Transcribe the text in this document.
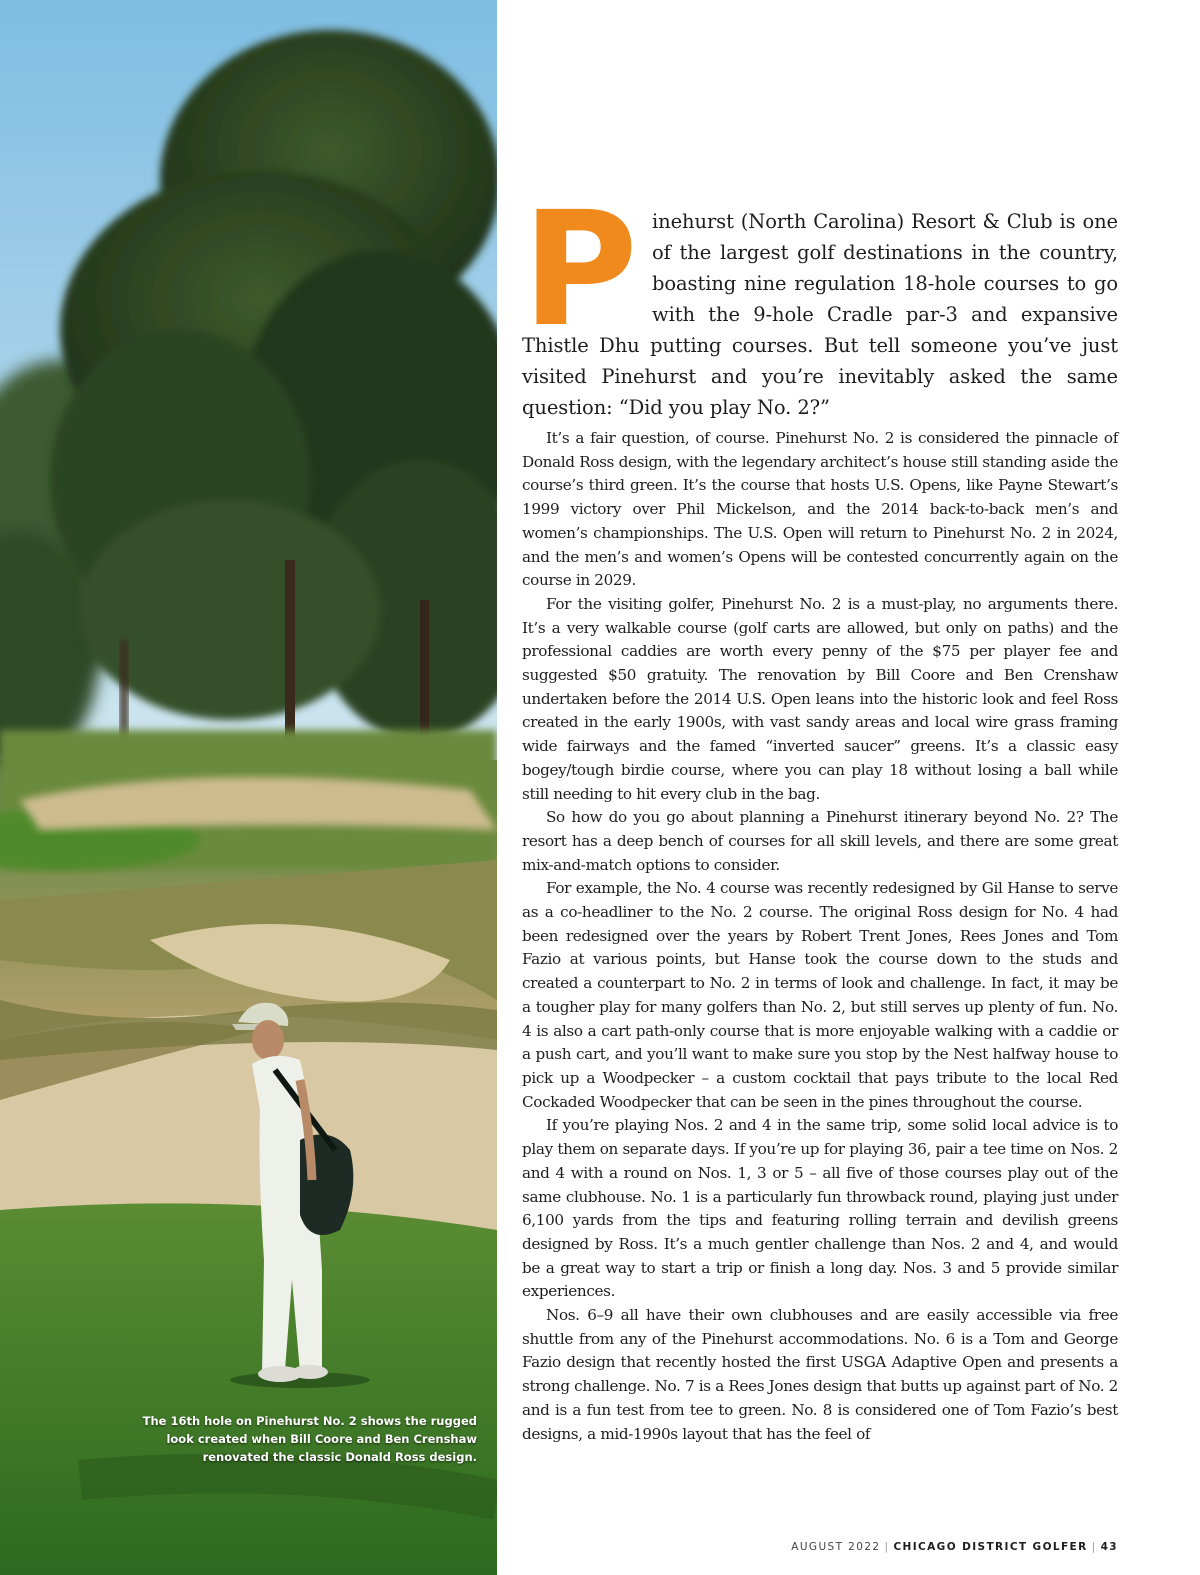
The 16th hole on Pinehurst No. 2 shows the rugged look created when Bill Coore and Ben Crenshaw renovated the classic Donald Ross design.
P inehurst (North Carolina) Resort & Club is one of the largest golf destinations in the country, boasting nine regulation 18-hole courses to go with the 9-hole Cradle par-3 and expansive Thistle Dhu putting courses. But tell someone you’ve just visited Pinehurst and you’re inevitably asked the same question: “Did you play No. 2?”

It’s a fair question, of course. Pinehurst No. 2 is considered the pinnacle of Donald Ross design, with the legendary architect’s house still standing aside the course’s third green. It’s the course that hosts U.S. Opens, like Payne Stewart’s 1999 victory over Phil Mickelson, and the 2014 back-to-back men’s and women’s championships. The U.S. Open will return to Pinehurst No. 2 in 2024, and the men’s and women’s Opens will be contested concurrently again on the course in 2029.

For the visiting golfer, Pinehurst No. 2 is a must-play, no arguments there. It’s a very walkable course (golf carts are allowed, but only on paths) and the professional caddies are worth every penny of the $75 per player fee and suggested $50 gratuity. The renovation by Bill Coore and Ben Crenshaw undertaken before the 2014 U.S. Open leans into the historic look and feel Ross created in the early 1900s, with vast sandy areas and local wire grass framing wide fairways and the famed “inverted saucer” greens. It’s a classic easy bogey/tough birdie course, where you can play 18 without losing a ball while still needing to hit every club in the bag.

So how do you go about planning a Pinehurst itinerary beyond No. 2? The resort has a deep bench of courses for all skill levels, and there are some great mix-and-match options to consider.

For example, the No. 4 course was recently redesigned by Gil Hanse to serve as a co-headliner to the No. 2 course. The original Ross design for No. 4 had been redesigned over the years by Robert Trent Jones, Rees Jones and Tom Fazio at various points, but Hanse took the course down to the studs and created a counterpart to No. 2 in terms of look and challenge. In fact, it may be a tougher play for many golfers than No. 2, but still serves up plenty of fun. No. 4 is also a cart path-only course that is more enjoyable walking with a caddie or a push cart, and you’ll want to make sure you stop by the Nest halfway house to pick up a Woodpecker – a custom cocktail that pays tribute to the local Red Cockaded Woodpecker that can be seen in the pines throughout the course.

If you’re playing Nos. 2 and 4 in the same trip, some solid local advice is to play them on separate days. If you’re up for playing 36, pair a tee time on Nos. 2 and 4 with a round on Nos. 1, 3 or 5 – all five of those courses play out of the same clubhouse. No. 1 is a particularly fun throwback round, playing just under 6,100 yards from the tips and featuring rolling terrain and devilish greens designed by Ross. It’s a much gentler challenge than Nos. 2 and 4, and would be a great way to start a trip or finish a long day. Nos. 3 and 5 provide similar experiences.

Nos. 6–9 all have their own clubhouses and are easily accessible via free shuttle from any of the Pinehurst accommodations. No. 6 is a Tom and George Fazio design that recently hosted the first USGA Adaptive Open and presents a strong challenge. No. 7 is a Rees Jones design that butts up against part of No. 2 and is a fun test from tee to green. No. 8 is considered one of Tom Fazio’s best designs, a mid-1990s layout that has the feel of

AUGUST 2022 | CHICAGO DISTRICT GOLFER | 43
